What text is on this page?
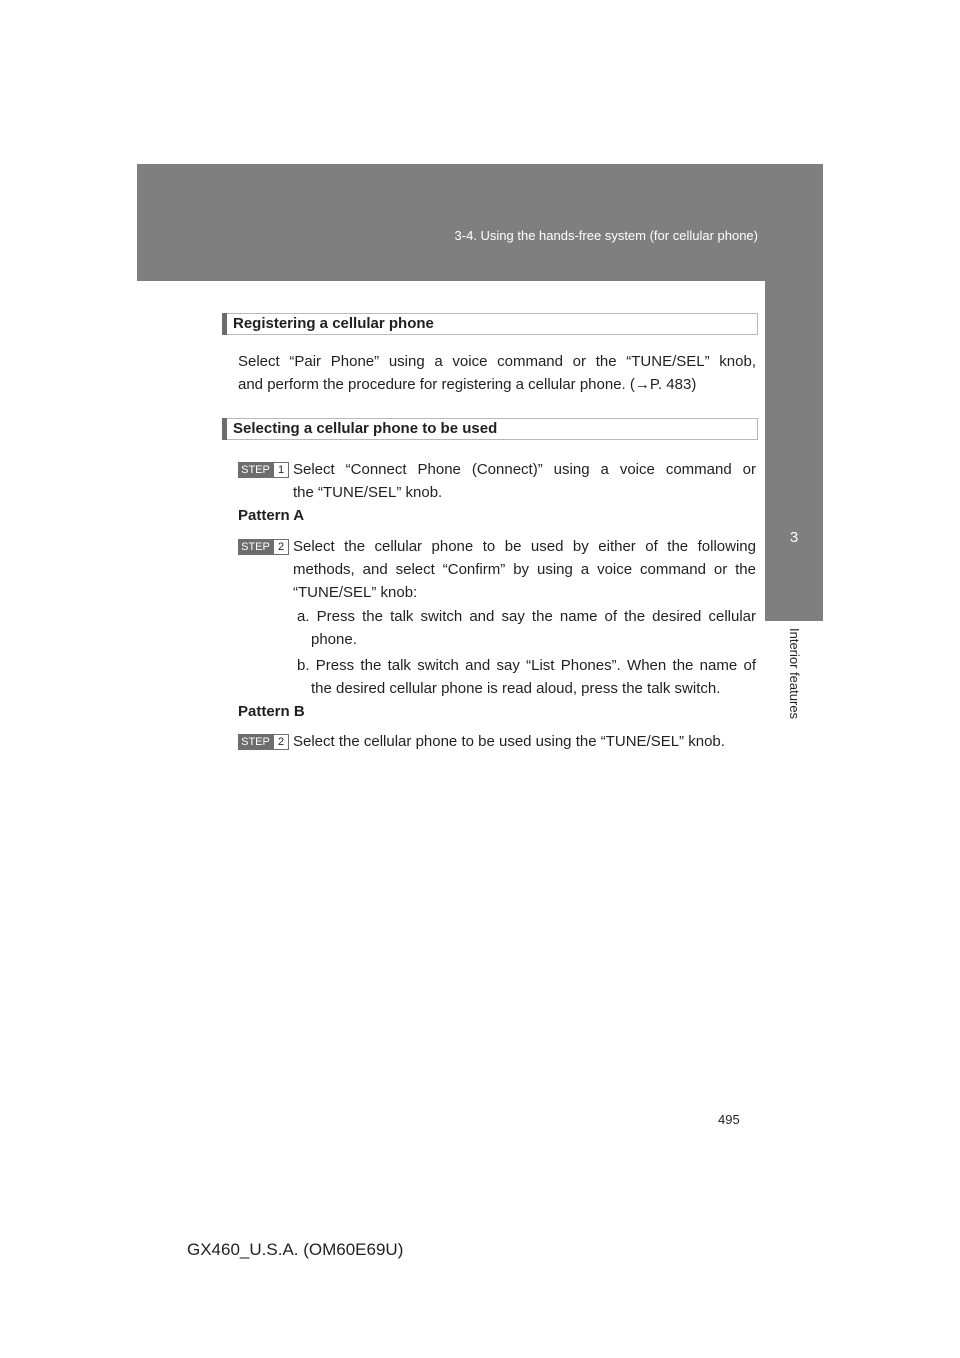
3-4. Using the hands-free system (for cellular phone)
3
Interior features
Registering a cellular phone
Select “Pair Phone” using a voice command or the “TUNE/SEL” knob,
and perform the procedure for registering a cellular phone. (→P. 483)
Selecting a cellular phone to be used
STEP 1 Select “Connect Phone (Connect)” using a voice command or
the “TUNE/SEL” knob.
Pattern A
STEP 2 Select the cellular phone to be used by either of the following
methods, and select “Confirm” by using a voice command or the
“TUNE/SEL” knob:
a. Press the talk switch and say the name of the desired cellular
phone.
b. Press the talk switch and say “List Phones”. When the name of
the desired cellular phone is read aloud, press the talk switch.
Pattern B
STEP 2 Select the cellular phone to be used using the “TUNE/SEL” knob.
495
GX460_U.S.A. (OM60E69U)
